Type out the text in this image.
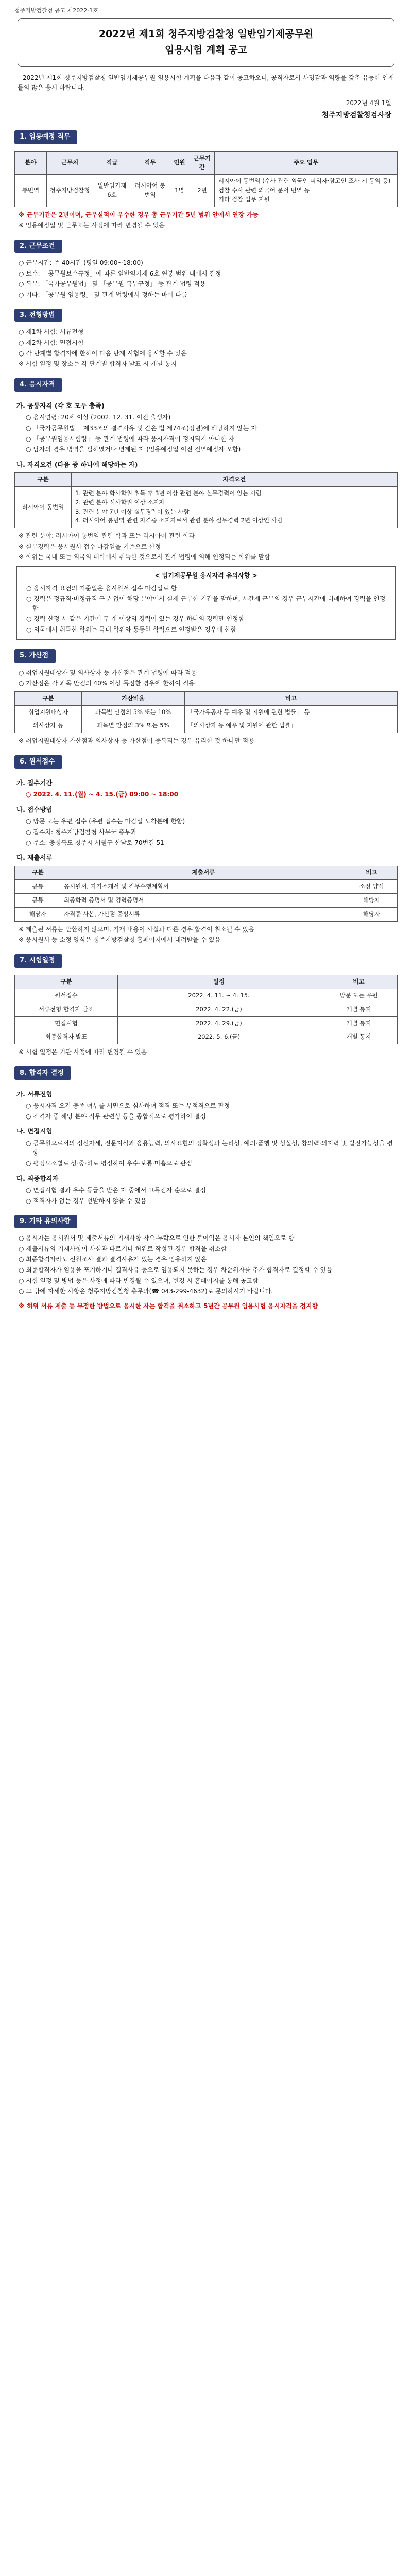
청주지방검찰청 공고 제2022-1호
2022년 제1회 청주지방검찰청 일반임기제공무원
임용시험 계획 공고

2022년 제1회 청주지방검찰청 일반임기제공무원 임용시험 계획을 다음과 같이 공고하오니, 공직자로서 사명감과 역량을 갖춘 유능한 인재들의 많은 응시 바랍니다.

2022년 4월 1일
청주지방검찰청검사장
1. 임용예정 직무
분야	근무처	직급	직무	인원	근무기간	주요 업무
통번역	청주지방검찰청	일반임기제 6호	러시아어 통번역	1명	2년	러시아어 통번역 (수사 관련 외국인 피의자·참고인 조사 시 통역 등)
검찰 수사 관련 외국어 문서 번역 등
기타 검찰 업무 지원
※ 근무기간은 2년이며, 근무실적이 우수한 경우 총 근무기간 5년 범위 안에서 연장 가능
※ 임용예정일 및 근무처는 사정에 따라 변경될 수 있음
2. 근무조건
○ 근무시간: 주 40시간 (평일 09:00~18:00)
○ 보수: 「공무원보수규정」에 따른 일반임기제 6호 연봉 범위 내에서 결정
○ 복무: 「국가공무원법」 및 「공무원 복무규정」 등 관계 법령 적용
○ 기타: 「공무원 임용령」 및 관계 법령에서 정하는 바에 따름
3. 전형방법
○ 제1차 시험: 서류전형
○ 제2차 시험: 면접시험
○ 각 단계별 합격자에 한하여 다음 단계 시험에 응시할 수 있음
※ 시험 일정 및 장소는 각 단계별 합격자 발표 시 개별 통지
4. 응시자격
가. 공통자격 (각 호 모두 충족)
○ 응시연령: 20세 이상 (2002. 12. 31. 이전 출생자)
○ 「국가공무원법」 제33조의 결격사유 및 같은 법 제74조(정년)에 해당하지 않는 자
○ 「공무원임용시험령」 등 관계 법령에 따라 응시자격이 정지되지 아니한 자
○ 남자의 경우 병역을 필하였거나 면제된 자 (임용예정일 이전 전역예정자 포함)
나. 자격요건 (다음 중 하나에 해당하는 자)
구분	자격요건
러시아어 통번역	1. 관련 분야 학사학위 취득 후 3년 이상 관련 분야 실무경력이 있는 사람
2. 관련 분야 석사학위 이상 소지자
3. 관련 분야 7년 이상 실무경력이 있는 사람
4. 러시아어 통번역 관련 자격증 소지자로서 관련 분야 실무경력 2년 이상인 사람
※ 관련 분야: 러시아어 통번역 관련 학과 또는 러시아어 관련 학과
※ 실무경력은 응시원서 접수 마감일을 기준으로 산정
※ 학위는 국내 또는 외국의 대학에서 취득한 것으로서 관계 법령에 의해 인정되는 학위를 말함
< 임기제공무원 응시자격 유의사항 >
○ 응시자격 요건의 기준일은 응시원서 접수 마감일로 함
○ 경력은 정규직·비정규직 구분 없이 해당 분야에서 실제 근무한 기간을 말하며, 시간제 근무의 경우 근무시간에 비례하여 경력을 인정함
○ 경력 산정 시 같은 기간에 두 개 이상의 경력이 있는 경우 하나의 경력만 인정함
○ 외국에서 취득한 학위는 국내 학위와 동등한 학력으로 인정받은 경우에 한함
5. 가산점
○ 취업지원대상자 및 의사상자 등 가산점은 관계 법령에 따라 적용
○ 가산점은 각 과목 만점의 40% 이상 득점한 경우에 한하여 적용
구분	가산비율	비고
취업지원대상자	과목별 만점의 5% 또는 10%	「국가유공자 등 예우 및 지원에 관한 법률」 등
의사상자 등	과목별 만점의 3% 또는 5%	「의사상자 등 예우 및 지원에 관한 법률」
※ 취업지원대상자 가산점과 의사상자 등 가산점이 중복되는 경우 유리한 것 하나만 적용
6. 원서접수
가. 접수기간
○ 2022. 4. 11.(월) ~ 4. 15.(금) 09:00 ~ 18:00
나. 접수방법
○ 방문 또는 우편 접수 (우편 접수는 마감일 도착분에 한함)
○ 접수처: 청주지방검찰청 사무국 총무과
○ 주소: 충청북도 청주시 서원구 산남로 70번길 51
다. 제출서류
구분	제출서류	비고
공통	응시원서, 자기소개서 및 직무수행계획서	소정 양식
공통	최종학력 증명서 및 경력증명서	해당자
해당자	자격증 사본, 가산점 증빙서류	해당자
※ 제출된 서류는 반환하지 않으며, 기재 내용이 사실과 다른 경우 합격이 취소될 수 있음
※ 응시원서 등 소정 양식은 청주지방검찰청 홈페이지에서 내려받을 수 있음
7. 시험일정
구분	일정	비고
원서접수	2022. 4. 11. ~ 4. 15.	방문 또는 우편
서류전형 합격자 발표	2022. 4. 22.(금)	개별 통지
면접시험	2022. 4. 29.(금)	개별 통지
최종합격자 발표	2022. 5. 6.(금)	개별 통지
※ 시험 일정은 기관 사정에 따라 변경될 수 있음
8. 합격자 결정
가. 서류전형
○ 응시자격 요건 충족 여부를 서면으로 심사하여 적격 또는 부적격으로 판정
○ 적격자 중 해당 분야 직무 관련성 등을 종합적으로 평가하여 결정
나. 면접시험
○ 공무원으로서의 정신자세, 전문지식과 응용능력, 의사표현의 정확성과 논리성, 예의·품행 및 성실성, 창의력·의지력 및 발전가능성을 평정
○ 평정요소별로 상·중·하로 평정하여 우수·보통·미흡으로 판정
다. 최종합격자
○ 면접시험 결과 우수 등급을 받은 자 중에서 고득점자 순으로 결정
○ 적격자가 없는 경우 선발하지 않을 수 있음
9. 기타 유의사항
○ 응시자는 응시원서 및 제출서류의 기재사항 착오·누락으로 인한 불이익은 응시자 본인의 책임으로 함
○ 제출서류의 기재사항이 사실과 다르거나 허위로 작성된 경우 합격을 취소함
○ 최종합격자라도 신원조사 결과 결격사유가 있는 경우 임용하지 않음
○ 최종합격자가 임용을 포기하거나 결격사유 등으로 임용되지 못하는 경우 차순위자를 추가 합격자로 결정할 수 있음
○ 시험 일정 및 방법 등은 사정에 따라 변경될 수 있으며, 변경 시 홈페이지를 통해 공고함
○ 그 밖에 자세한 사항은 청주지방검찰청 총무과(☎ 043-299-4632)로 문의하시기 바랍니다.
※ 허위 서류 제출 등 부정한 방법으로 응시한 자는 합격을 취소하고 5년간 공무원 임용시험 응시자격을 정지함
